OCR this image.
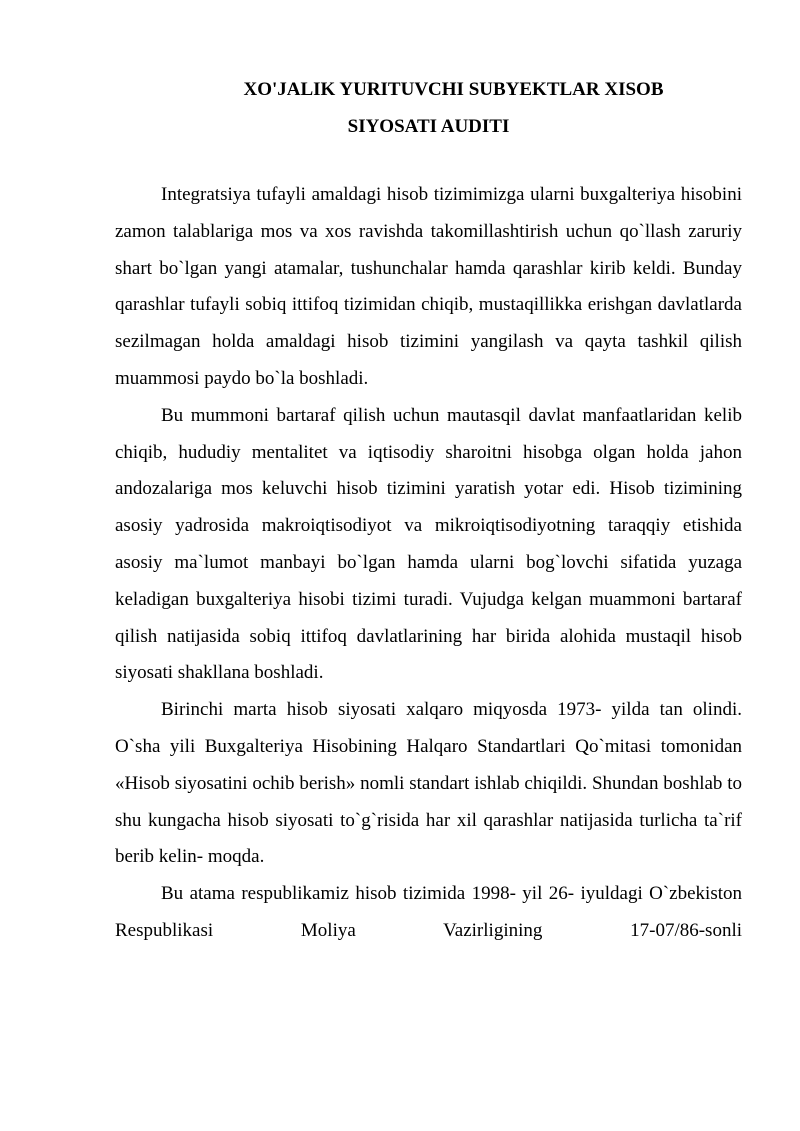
XO'JALIK YURITUVCHI SUBYEKTLAR XISOB
SIYOSATI AUDITI

Integratsiya tufayli amaldagi hisob tizimimizga ularni buxgalteriya hisobini zamon talablariga mos va xos ravishda takomillashtirish uchun qo`llash zaruriy shart bo`lgan yangi atamalar, tushunchalar hamda qarashlar kirib keldi. Bunday qarashlar tufayli sobiq ittifoq tizimidan chiqib, mustaqillikka erishgan davlatlarda sezilmagan holda amaldagi hisob tizimini yangilash va qayta tashkil qilish muammosi paydo bo`la boshladi.

Bu mummoni bartaraf qilish uchun mautasqil davlat manfaatlaridan kelib chiqib, hududiy mentalitet va iqtisodiy sharoitni hisobga olgan holda jahon andozalariga mos keluvchi hisob tizimini yaratish yotar edi. Hisob tizimining asosiy yadrosida makroiqtisodiyot va mikroiqtisodiyotning taraqqiy etishida asosiy ma`lumot manbayi bo`lgan hamda ularni bog`lovchi sifatida yuzaga keladigan buxgalteriya hisobi tizimi turadi. Vujudga kelgan muammoni bartaraf qilish natijasida sobiq ittifoq davlatlarining har birida alohida mustaqil hisob siyosati shakllana boshladi.

Birinchi marta hisob siyosati xalqaro miqyosda 1973- yilda tan olindi. O`sha yili Buxgalteriya Hisobining Halqaro Standartlari Qo`mitasi tomonidan «Hisob siyosatini ochib berish» nomli standart ishlab chiqildi. Shundan boshlab to shu kungacha hisob siyosati to`g`risida har xil qarashlar natijasida turlicha ta`rif berib kelin- moqda.

Bu atama respublikamiz hisob tizimida 1998- yil 26- iyuldagi O`zbekiston Respublikasi Moliya Vazirligining 17-07/86-sonli
